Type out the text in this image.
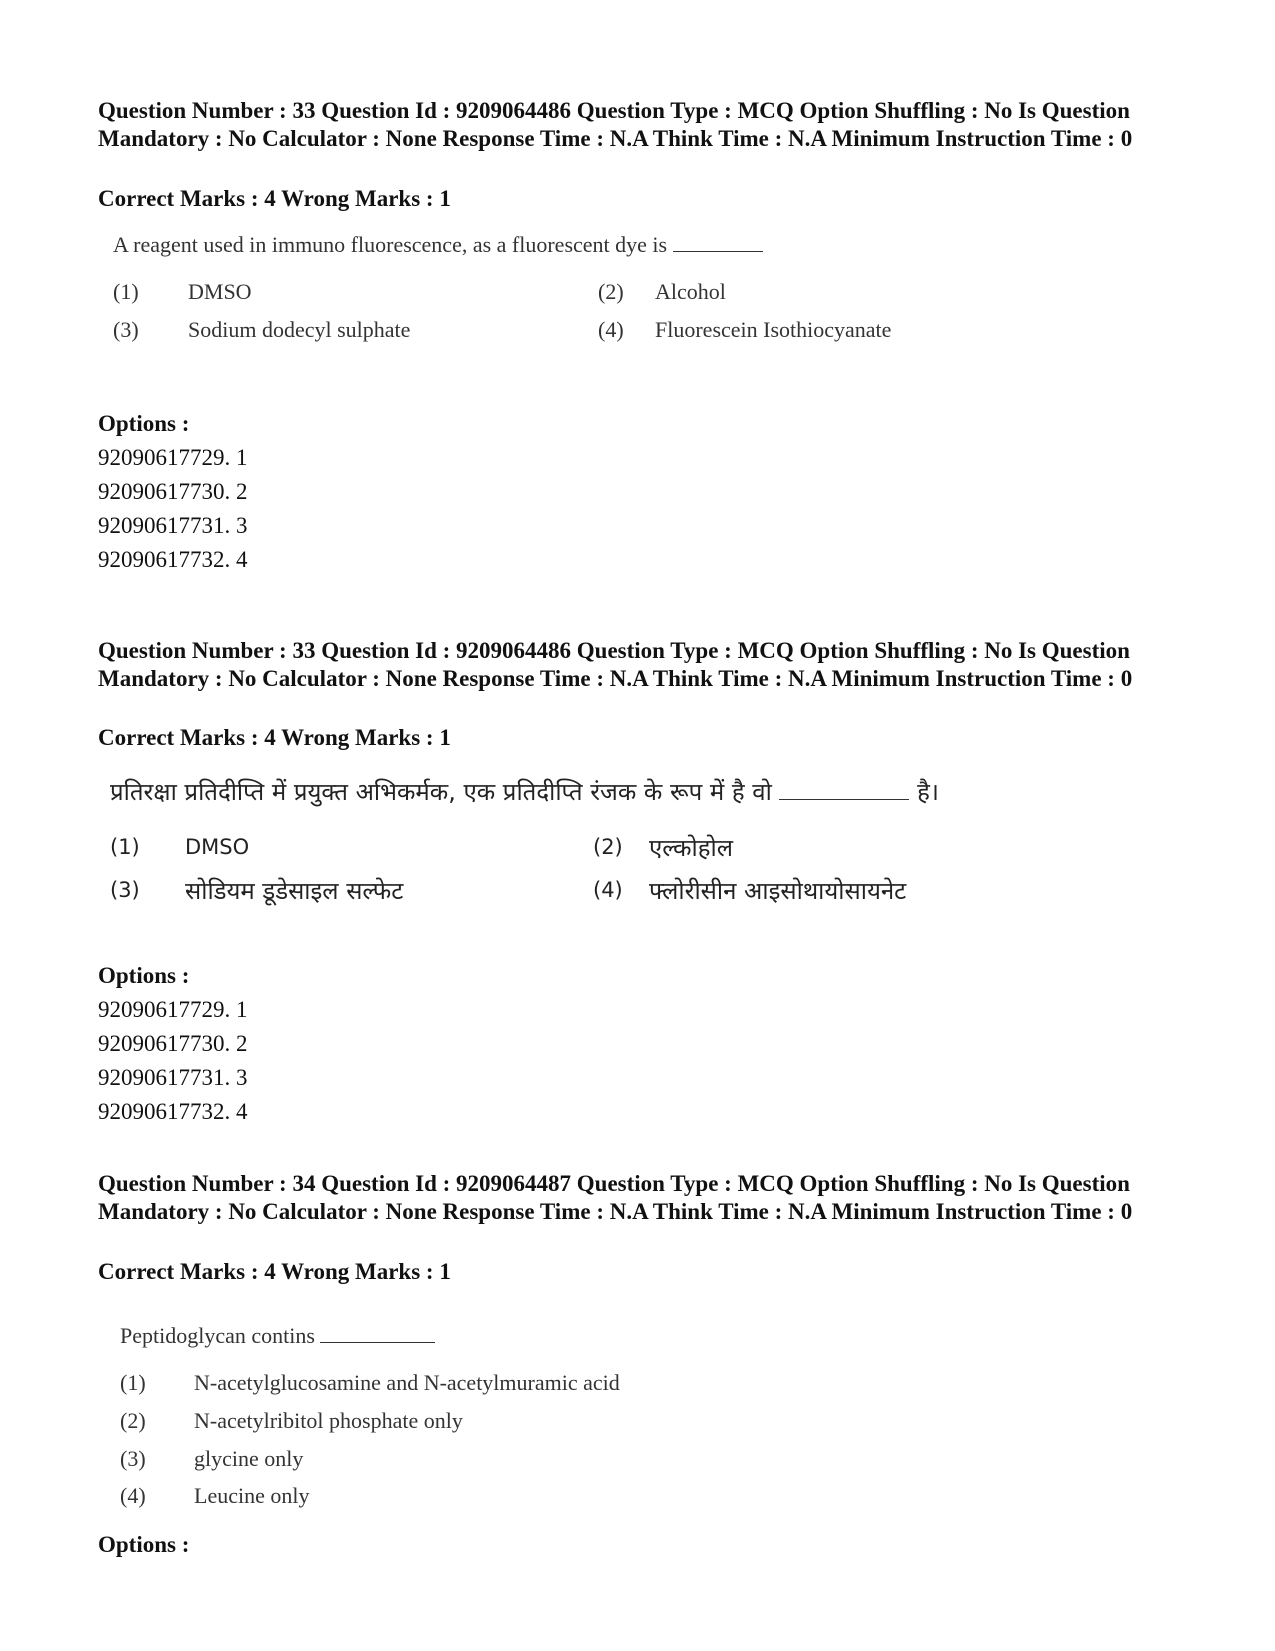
Question Number : 33 Question Id : 9209064486 Question Type : MCQ Option Shuffling : No Is Question Mandatory : No Calculator : None Response Time : N.A Think Time : N.A Minimum Instruction Time : 0

Correct Marks : 4 Wrong Marks : 1

A reagent used in immuno fluorescence, as a fluorescent dye is

(1) DMSO	(2) Alcohol
(3) Sodium dodecyl sulphate	(4) Fluorescein Isothiocyanate

Options :

92090617729. 1

92090617730. 2

92090617731. 3

92090617732. 4

Question Number : 33 Question Id : 9209064486 Question Type : MCQ Option Shuffling : No Is Question Mandatory : No Calculator : None Response Time : N.A Think Time : N.A Minimum Instruction Time : 0

Correct Marks : 4 Wrong Marks : 1

प्रतिरक्षा प्रतिदीप्ति में प्रयुक्त अभिकर्मक, एक प्रतिदीप्ति रंजक के रूप में है वो	है।

(1) DMSO	(2) एल्कोहोल
(3) सोडियम डूडेसाइल सल्फेट	(4) फ्लोरीसीन आइसोथायोसायनेट

Options :

92090617729. 1

92090617730. 2

92090617731. 3

92090617732. 4

Question Number : 34 Question Id : 9209064487 Question Type : MCQ Option Shuffling : No Is Question Mandatory : No Calculator : None Response Time : N.A Think Time : N.A Minimum Instruction Time : 0

Correct Marks : 4 Wrong Marks : 1

Peptidoglycan contins

(1) N-acetylglucosamine and N-acetylmuramic acid
(2) N-acetylribitol phosphate only
(3) glycine only
(4) Leucine only

Options :
